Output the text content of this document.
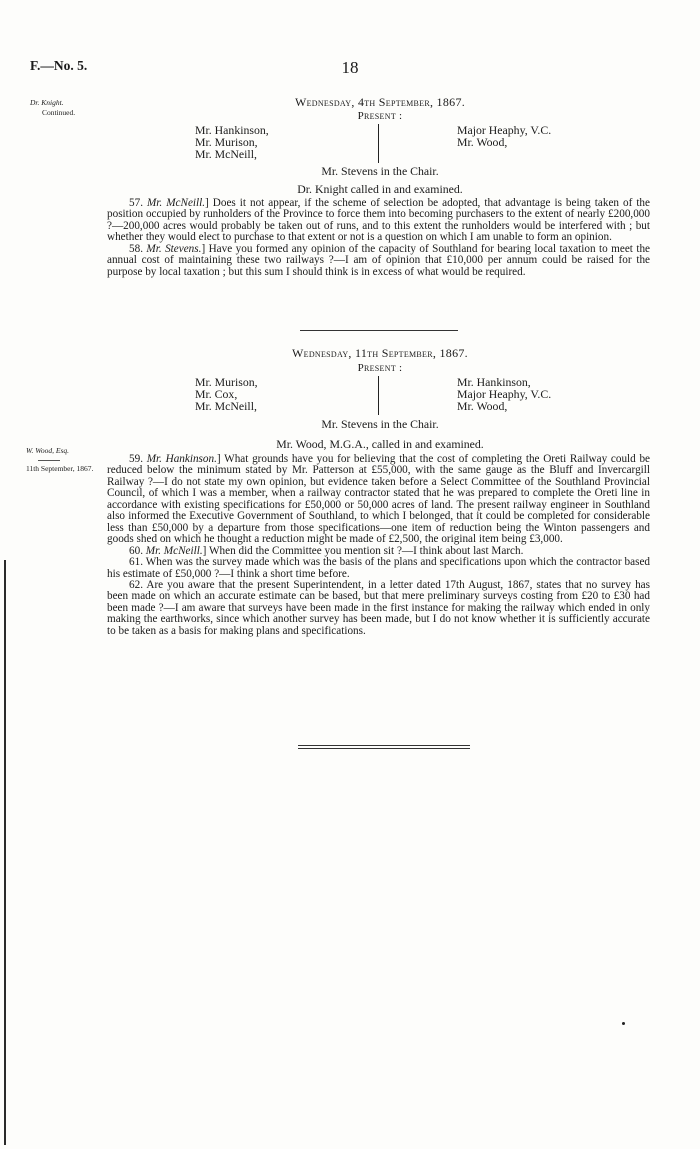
F.—No. 5.	18
Dr. Knight.
Continued.
W. Wood, Esq.
11th September, 1867.
Wednesday, 4th September, 1867.
Present :
Mr. Hankinson,
Mr. Murison,
Mr. McNeill,
Major Heaphy, V.C.
Mr. Wood,
Mr. Stevens in the Chair.
Dr. Knight called in and examined.

57. Mr. McNeill.] Does it not appear, if the scheme of selection be adopted, that advantage is being taken of the position occupied by runholders of the Province to force them into becoming purchasers to the extent of nearly £200,000 ?—200,000 acres would probably be taken out of runs, and to this extent the runholders would be interfered with ; but whether they would elect to purchase to that extent or not is a question on which I am unable to form an opinion.

58. Mr. Stevens.] Have you formed any opinion of the capacity of Southland for bearing local taxation to meet the annual cost of maintaining these two railways ?—I am of opinion that £10,000 per annum could be raised for the purpose by local taxation ; but this sum I should think is in excess of what would be required.

Wednesday, 11th September, 1867.
Present :
Mr. Murison,
Mr. Cox,
Mr. McNeill,
Mr. Hankinson,
Major Heaphy, V.C.
Mr. Wood,
Mr. Stevens in the Chair.
Mr. Wood, M.G.A., called in and examined.

59. Mr. Hankinson.] What grounds have you for believing that the cost of completing the Oreti Railway could be reduced below the minimum stated by Mr. Patterson at £55,000, with the same gauge as the Bluff and Invercargill Railway ?—I do not state my own opinion, but evidence taken before a Select Committee of the Southland Provincial Council, of which I was a member, when a railway contractor stated that he was prepared to complete the Oreti line in accordance with existing specifications for £50,000 or 50,000 acres of land. The present railway engineer in Southland also informed the Executive Government of Southland, to which I belonged, that it could be completed for considerable less than £50,000 by a departure from those specifications—one item of reduction being the Winton passengers and goods shed on which he thought a reduction might be made of £2,500, the original item being £3,000.

60. Mr. McNeill.] When did the Committee you mention sit ?—I think about last March.

61. When was the survey made which was the basis of the plans and specifications upon which the contractor based his estimate of £50,000 ?—I think a short time before.

62. Are you aware that the present Superintendent, in a letter dated 17th August, 1867, states that no survey has been made on which an accurate estimate can be based, but that mere preliminary surveys costing from £20 to £30 had been made ?—I am aware that surveys have been made in the first instance for making the railway which ended in only making the earthworks, since which another survey has been made, but I do not know whether it is sufficiently accurate to be taken as a basis for making plans and specifications.
